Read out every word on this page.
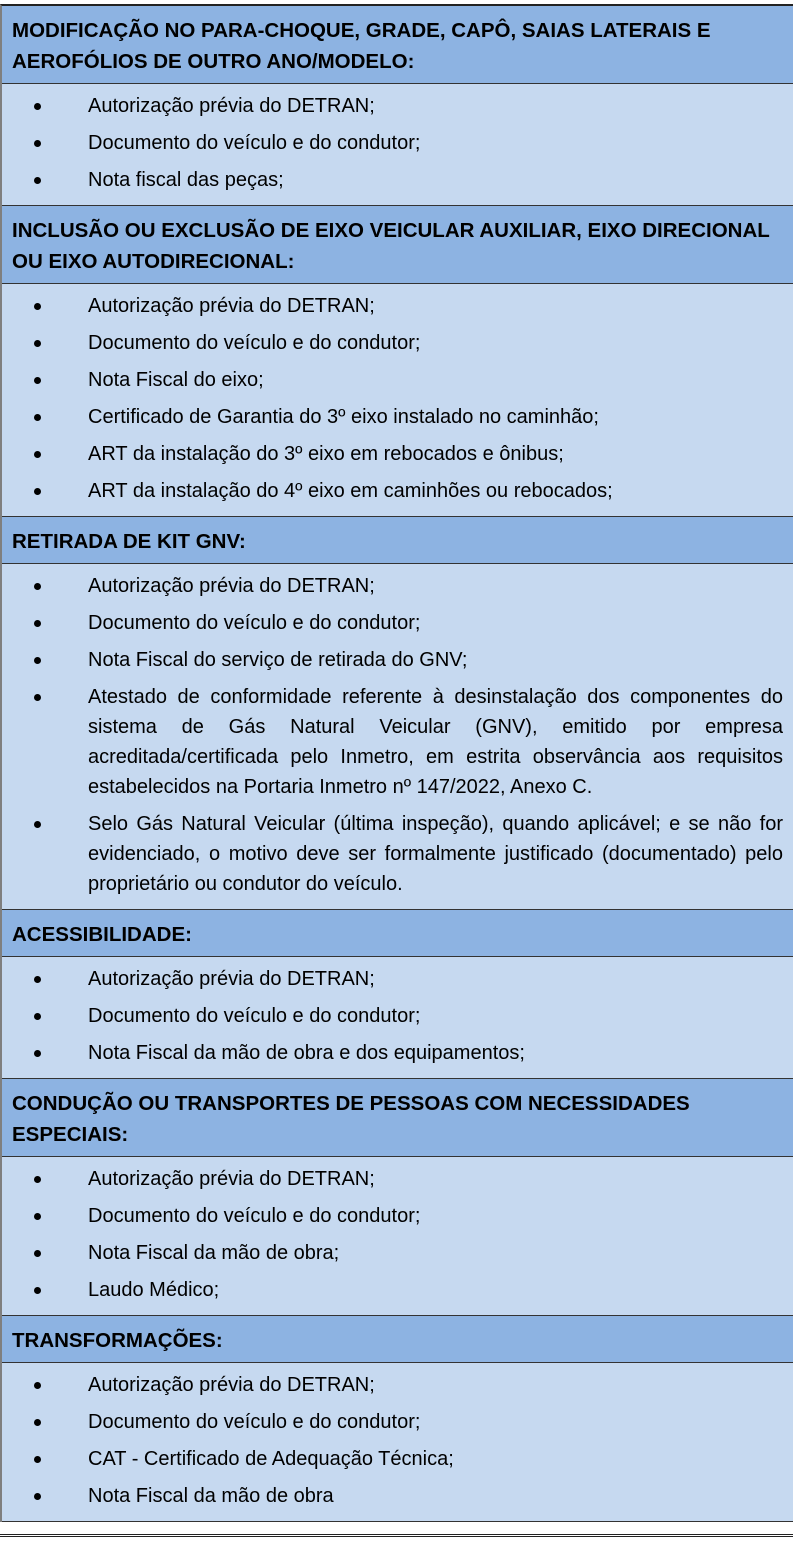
MODIFICAÇÃO NO PARA-CHOQUE, GRADE, CAPÔ, SAIAS LATERAIS E AEROFÓLIOS DE OUTRO ANO/MODELO:
Autorização prévia do DETRAN;
Documento do veículo e do condutor;
Nota fiscal das peças;
INCLUSÃO OU EXCLUSÃO DE EIXO VEICULAR AUXILIAR, EIXO DIRECIONAL OU EIXO AUTODIRECIONAL:
Autorização prévia do DETRAN;
Documento do veículo e do condutor;
Nota Fiscal do eixo;
Certificado de Garantia do 3º eixo instalado no caminhão;
ART da instalação do 3º eixo em rebocados e ônibus;
ART da instalação do 4º eixo em caminhões ou rebocados;
RETIRADA DE KIT GNV:
Autorização prévia do DETRAN;
Documento do veículo e do condutor;
Nota Fiscal do serviço de retirada do GNV;
Atestado de conformidade referente à desinstalação dos componentes do sistema de Gás Natural Veicular (GNV), emitido por empresa acreditada/certificada pelo Inmetro, em estrita observância aos requisitos estabelecidos na Portaria Inmetro nº 147/2022, Anexo C.
Selo Gás Natural Veicular (última inspeção), quando aplicável; e se não for evidenciado, o motivo deve ser formalmente justificado (documentado) pelo proprietário ou condutor do veículo.
ACESSIBILIDADE:
Autorização prévia do DETRAN;
Documento do veículo e do condutor;
Nota Fiscal da mão de obra e dos equipamentos;
CONDUÇÃO OU TRANSPORTES DE PESSOAS COM NECESSIDADES ESPECIAIS:
Autorização prévia do DETRAN;
Documento do veículo e do condutor;
Nota Fiscal da mão de obra;
Laudo Médico;
TRANSFORMAÇÕES:
Autorização prévia do DETRAN;
Documento do veículo e do condutor;
CAT - Certificado de Adequação Técnica;
Nota Fiscal da mão de obra
